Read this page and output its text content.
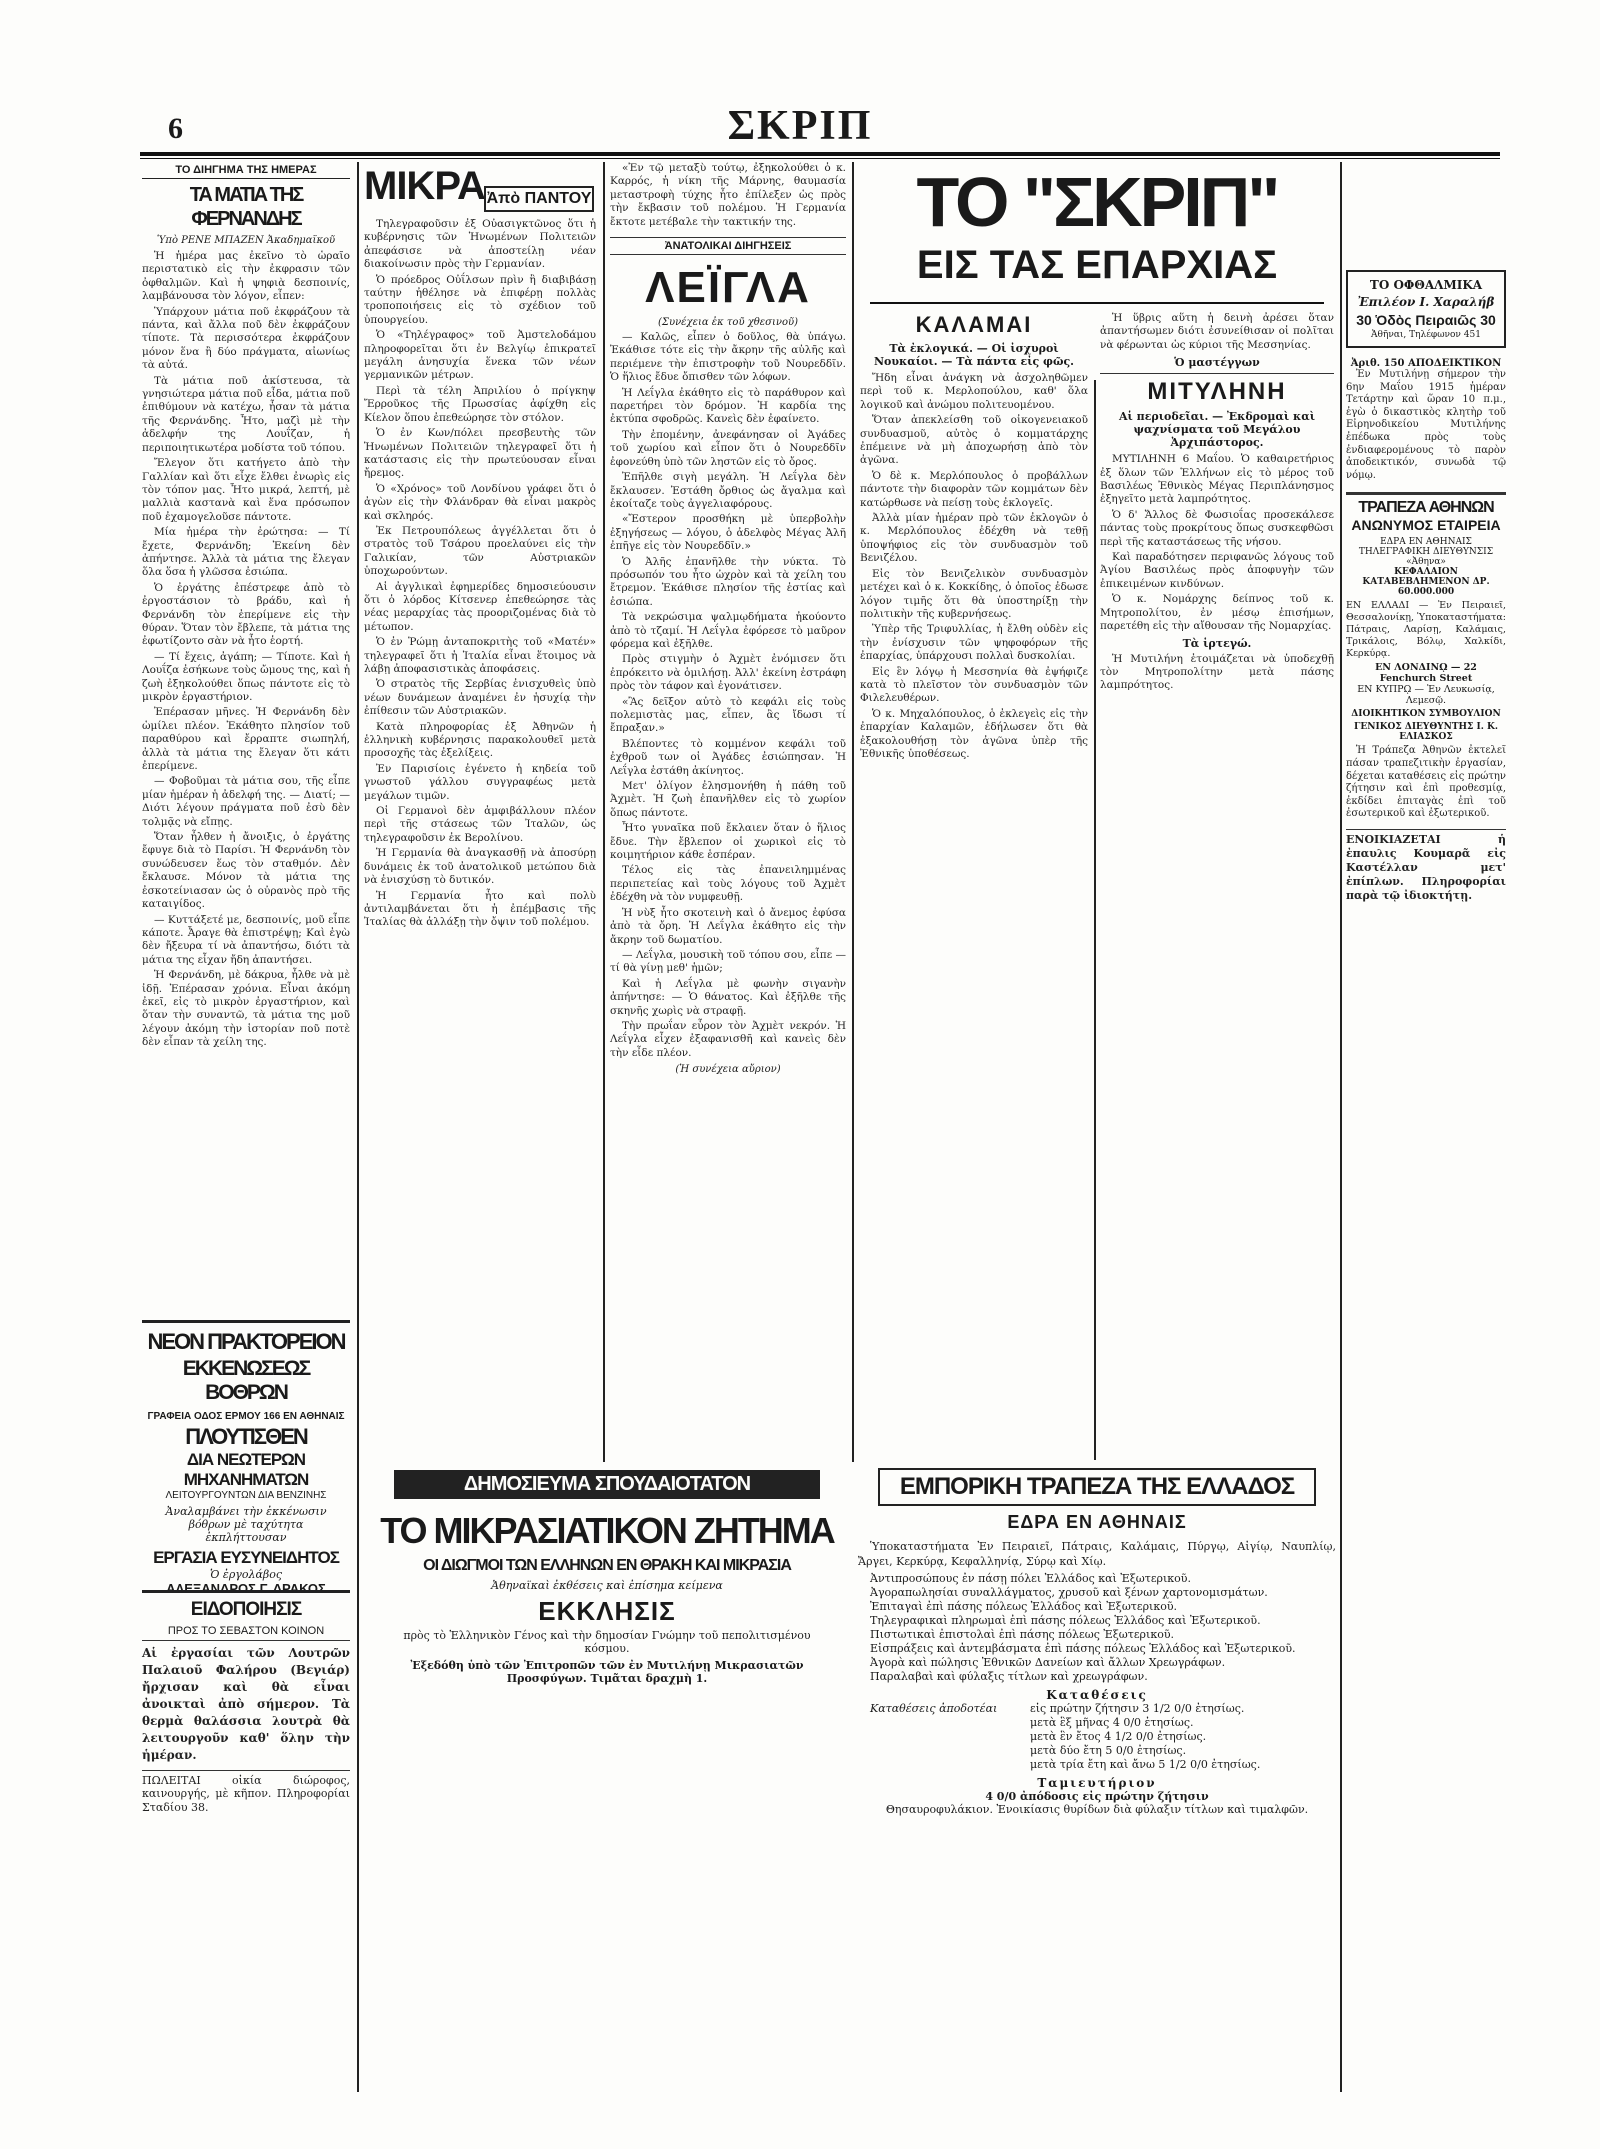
6	ΣΚΡΙΠ
ΤΟ ΔΙΗΓΗΜΑ ΤΗΣ ΗΜΕΡΑΣ
ΤΑ ΜΑΤΙΑ ΤΗΣ ΦΕΡΝΑΝΔΗΣ
Ὑπὸ ΡΕΝΕ ΜΠΑΖΕΝ Ἀκαδημαϊκοῦ

Ἡ ἡμέρα μας ἐκεῖνο τὸ ὡραῖο περιστατικὸ εἰς τὴν ἐκφρασιν τῶν ὀφθαλμῶν. Καὶ ἡ ψηφιὰ δεσποινίς, λαμβάνουσα τὸν λόγον, εἶπεν:

Ὑπάρχουν μάτια ποῦ ἐκφράζουν τὰ πάντα, καὶ ἄλλα ποῦ δὲν ἐκφράζουν τίποτε. Τὰ περισσότερα ἐκφράζουν μόνον ἕνα ἢ δύο πράγματα, αἰωνίως τὰ αὐτά.

Τὰ μάτια ποῦ ἀκίστευσα, τὰ γνησιώτερα μάτια ποῦ εἶδα, μάτια ποῦ ἐπιθύμουν νὰ κατέχω, ἦσαν τὰ μάτια τῆς Φερνάνδης. Ἦτο, μαζὶ μὲ τὴν ἀδελφήν της Λουΐζαν, ἡ περιποιητικωτέρα μοδίστα τοῦ τόπου.

Ἔλεγον ὅτι κατήγετο ἀπὸ τὴν Γαλλίαν καὶ ὅτι εἶχε ἔλθει ἐνωρὶς εἰς τὸν τόπον μας. Ἦτο μικρά, λεπτή, μὲ μαλλιὰ καστανὰ καὶ ἕνα πρόσωπον ποῦ ἐχαμογελοῦσε πάντοτε.

Μία ἡμέρα τὴν ἐρώτησα: — Τί ἔχετε, Φερνάνδη; Ἐκείνη δὲν ἀπήντησε. Ἀλλὰ τὰ μάτια της ἔλεγαν ὅλα ὅσα ἡ γλῶσσα ἐσιώπα.

Ὁ ἐργάτης ἐπέστρεφε ἀπὸ τὸ ἐργοστάσιον τὸ βράδυ, καὶ ἡ Φερνάνδη τὸν ἐπερίμενε εἰς τὴν θύραν. Ὅταν τὸν ἔβλεπε, τὰ μάτια της ἐφωτίζοντο σὰν νὰ ἦτο ἑορτή.

— Τί ἔχεις, ἀγάπη; — Τίποτε. Καὶ ἡ Λουΐζα ἐσήκωνε τοὺς ὤμους της, καὶ ἡ ζωὴ ἐξηκολούθει ὅπως πάντοτε εἰς τὸ μικρὸν ἐργαστήριον.

Ἐπέρασαν μῆνες. Ἡ Φερνάνδη δὲν ὡμίλει πλέον. Ἐκάθητο πλησίον τοῦ παραθύρου καὶ ἔρραπτε σιωπηλή, ἀλλὰ τὰ μάτια της ἔλεγαν ὅτι κάτι ἐπερίμενε.

— Φοβοῦμαι τὰ μάτια σου, τῆς εἶπε μίαν ἡμέραν ἡ ἀδελφή της. — Διατί; — Διότι λέγουν πράγματα ποῦ ἐσὺ δὲν τολμᾷς νὰ εἴπῃς.

Ὅταν ἦλθεν ἡ ἄνοιξις, ὁ ἐργάτης ἔφυγε διὰ τὸ Παρίσι. Ἡ Φερνάνδη τὸν συνώδευσεν ἕως τὸν σταθμόν. Δὲν ἔκλαυσε. Μόνον τὰ μάτια της ἐσκοτείνιασαν ὡς ὁ οὐρανὸς πρὸ τῆς καταιγίδος.

— Κυττάξετέ με, δεσποινίς, μοῦ εἶπε κάποτε. Ἆραγε θὰ ἐπιστρέψῃ; Καὶ ἐγὼ δὲν ἤξευρα τί νὰ ἀπαντήσω, διότι τὰ μάτια της εἶχαν ἤδη ἀπαντήσει.

Ἡ Φερνάνδη, μὲ δάκρυα, ἦλθε νὰ μὲ ἰδῇ. Ἐπέρασαν χρόνια. Εἶναι ἀκόμη ἐκεῖ, εἰς τὸ μικρὸν ἐργαστήριον, καὶ ὅταν τὴν συναντῶ, τὰ μάτια της μοῦ λέγουν ἀκόμη τὴν ἱστορίαν ποῦ ποτὲ δὲν εἶπαν τὰ χείλη της.

ΝΕΟΝ ΠΡΑΚΤΟΡΕΙΟΝ
ΕΚΚΕΝΩΣΕΩΣ ΒΟΘΡΩΝ
ΓΡΑΦΕΙΑ ΟΔΟΣ ΕΡΜΟΥ 166 ΕΝ ΑΘΗΝΑΙΣ
ΠΛΟΥΤΙΣΘΕΝ
ΔΙΑ ΝΕΩΤΕΡΩΝ ΜΗΧΑΝΗΜΑΤΩΝ
ΛΕΙΤΟΥΡΓΟΥΝΤΩΝ ΔΙΑ ΒΕΝΖΙΝΗΣ
Ἀναλαμβάνει τὴν ἐκκένωσιν βόθρων μὲ ταχύτητα ἐκπλήττουσαν
ΕΡΓΑΣΙΑ ΕΥΣΥΝΕΙΔΗΤΟΣ
Ὁ ἐργολάβος
ΑΛΕΞΑΝΔΡΟΣ Γ. ΔΡΑΚΟΣ
ΕΙΔΟΠΟΙΗΣΙΣ
ΠΡΟΣ ΤΟ ΣΕΒΑΣΤΟΝ ΚΟΙΝΟΝ
Αἱ ἐργασίαι τῶν Λουτρῶν Παλαιοῦ Φαλήρου (Βεγιάρ) ἤρχισαν καὶ θὰ εἶναι ἀνοικταὶ ἀπὸ σήμερον. Τὰ θερμὰ θαλάσσια λουτρὰ θὰ λειτουργοῦν καθ' ὅλην τὴν ἡμέραν.
ΠΩΛΕΙΤΑΙ οἰκία διώροφος, καινουργής, μὲ κῆπον. Πληροφορίαι Σταδίου 38.
ΜΙΚΡΑ Ἀπὸ ΠΑΝΤΟΥ

Τηλεγραφοῦσιν ἐξ Οὐασιγκτῶνος ὅτι ἡ κυβέρνησις τῶν Ἡνωμένων Πολιτειῶν ἀπεφάσισε νὰ ἀποστείλῃ νέαν διακοίνωσιν πρὸς τὴν Γερμανίαν.

Ὁ πρόεδρος Οὐΐλσων πρὶν ἢ διαβιβάσῃ ταύτην ἠθέλησε νὰ ἐπιφέρῃ πολλὰς τροποποιήσεις εἰς τὸ σχέδιον τοῦ ὑπουργείου.

Ὁ «Τηλέγραφος» τοῦ Ἀμστελοδάμου πληροφορεῖται ὅτι ἐν Βελγίῳ ἐπικρατεῖ μεγάλη ἀνησυχία ἕνεκα τῶν νέων γερμανικῶν μέτρων.

Περὶ τὰ τέλη Ἀπριλίου ὁ πρίγκηψ Ἔρροῦκος τῆς Πρωσσίας ἀφίχθη εἰς Κίελον ὅπου ἐπεθεώρησε τὸν στόλον.

Ὁ ἐν Κων/πόλει πρεσβευτὴς τῶν Ἡνωμένων Πολιτειῶν τηλεγραφεῖ ὅτι ἡ κατάστασις εἰς τὴν πρωτεύουσαν εἶναι ἤρεμος.

Ὁ «Χρόνος» τοῦ Λονδίνου γράφει ὅτι ὁ ἀγὼν εἰς τὴν Φλάνδραν θὰ εἶναι μακρὸς καὶ σκληρός.

Ἐκ Πετρουπόλεως ἀγγέλλεται ὅτι ὁ στρατὸς τοῦ Τσάρου προελαύνει εἰς τὴν Γαλικίαν, τῶν Αὐστριακῶν ὑποχωρούντων.

Αἱ ἀγγλικαὶ ἐφημερίδες δημοσιεύουσιν ὅτι ὁ λόρδος Κίτσενερ ἐπεθεώρησε τὰς νέας μεραρχίας τὰς προοριζομένας διὰ τὸ μέτωπον.

Ὁ ἐν Ῥώμῃ ἀνταποκριτὴς τοῦ «Ματέν» τηλεγραφεῖ ὅτι ἡ Ἰταλία εἶναι ἕτοιμος νὰ λάβῃ ἀποφασιστικὰς ἀποφάσεις.

Ὁ στρατὸς τῆς Σερβίας ἐνισχυθεὶς ὑπὸ νέων δυνάμεων ἀναμένει ἐν ἡσυχίᾳ τὴν ἐπίθεσιν τῶν Αὐστριακῶν.

Κατὰ πληροφορίας ἐξ Ἀθηνῶν ἡ ἑλληνικὴ κυβέρνησις παρακολουθεῖ μετὰ προσοχῆς τὰς ἐξελίξεις.

Ἐν Παρισίοις ἐγένετο ἡ κηδεία τοῦ γνωστοῦ γάλλου συγγραφέως μετὰ μεγάλων τιμῶν.

Οἱ Γερμανοὶ δὲν ἀμφιβάλλουν πλέον περὶ τῆς στάσεως τῶν Ἰταλῶν, ὡς τηλεγραφοῦσιν ἐκ Βερολίνου.

Ἡ Γερμανία θὰ ἀναγκασθῇ νὰ ἀποσύρῃ δυνάμεις ἐκ τοῦ ἀνατολικοῦ μετώπου διὰ νὰ ἐνισχύσῃ τὸ δυτικόν.

Ἡ Γερμανία ἦτο καὶ πολὺ ἀντιλαμβάνεται ὅτι ἡ ἐπέμβασις τῆς Ἰταλίας θὰ ἀλλάξῃ τὴν ὄψιν τοῦ πολέμου.

«Ἐν τῷ μεταξὺ τούτῳ, ἐξηκολούθει ὁ κ. Καρρός, ἡ νίκη τῆς Μάρνης, θαυμασία μεταστροφὴ τύχης ἦτο ἐπίλεξεν ὡς πρὸς τὴν ἔκβασιν τοῦ πολέμου. Ἡ Γερμανία ἔκτοτε μετέβαλε τὴν τακτικήν της.
ἈΝΑΤΟΛΙΚΑΙ ΔΙΗΓΗΣΕΙΣ
ΛΕΪΓΛΑ
(Συνέχεια ἐκ τοῦ χθεσινοῦ)

— Καλῶς, εἶπεν ὁ δοῦλος, θὰ ὑπάγω. Ἐκάθισε τότε εἰς τὴν ἄκρην τῆς αὐλῆς καὶ περιέμενε τὴν ἐπιστροφὴν τοῦ Νουρεδδῖν. Ὁ ἥλιος ἔδυε ὄπισθεν τῶν λόφων.

Ἡ Λεΐγλα ἐκάθητο εἰς τὸ παράθυρον καὶ παρετήρει τὸν δρόμον. Ἡ καρδία της ἐκτύπα σφοδρῶς. Κανεὶς δὲν ἐφαίνετο.

Τὴν ἐπομένην, ἀνεφάνησαν οἱ Ἀγάδες τοῦ χωρίου καὶ εἶπον ὅτι ὁ Νουρεδδῖν ἐφονεύθη ὑπὸ τῶν ληστῶν εἰς τὸ ὄρος.

Ἐπῆλθε σιγὴ μεγάλη. Ἡ Λεΐγλα δὲν ἔκλαυσεν. Ἐστάθη ὄρθιος ὡς ἄγαλμα καὶ ἐκοίταζε τοὺς ἀγγελιαφόρους.

«Ἔστερον προσθήκη μὲ ὑπερβολὴν ἐξηγήσεως — λόγου, ὁ ἀδελφὸς Μέγας Ἀλῆ ἐπῆγε εἰς τὸν Νουρεδδῖν.»

Ὁ Ἀλῆς ἐπανῆλθε τὴν νύκτα. Τὸ πρόσωπόν του ἦτο ὠχρὸν καὶ τὰ χείλη του ἔτρεμον. Ἐκάθισε πλησίον τῆς ἑστίας καὶ ἐσιώπα.

Τὰ νεκρώσιμα ψαλμῳδήματα ἠκούοντο ἀπὸ τὸ τζαμί. Ἡ Λεΐγλα ἐφόρεσε τὸ μαῦρον φόρεμα καὶ ἐξῆλθε.

Πρὸς στιγμὴν ὁ Ἀχμὲτ ἐνόμισεν ὅτι ἐπρόκειτο νὰ ὁμιλήσῃ. Ἀλλ' ἐκείνη ἐστράφη πρὸς τὸν τάφον καὶ ἐγονάτισεν.

«Ἂς δεῖξον αὐτὸ τὸ κεφάλι εἰς τοὺς πολεμιστὰς μας, εἶπεν, ἂς ἴδωσι τί ἔπραξαν.»

Βλέποντες τὸ κομμένον κεφάλι τοῦ ἐχθροῦ των οἱ Ἀγάδες ἐσιώπησαν. Ἡ Λεΐγλα ἐστάθη ἀκίνητος.

Μετ' ὀλίγον ἐλησμονήθη ἡ πάθη τοῦ Ἀχμὲτ. Ἡ ζωὴ ἐπανῆλθεν εἰς τὸ χωρίον ὅπως πάντοτε.

Ἦτο γυναῖκα ποῦ ἔκλαιεν ὅταν ὁ ἥλιος ἔδυε. Τὴν ἔβλεπον οἱ χωρικοὶ εἰς τὸ κοιμητήριον κάθε ἑσπέραν.

Τέλος εἰς τὰς ἐπανειλημμένας περιπετείας καὶ τοὺς λόγους τοῦ Ἀχμὲτ ἐδέχθη νὰ τὸν νυμφευθῇ.

Ἡ νὺξ ἦτο σκοτεινὴ καὶ ὁ ἄνεμος ἐφύσα ἀπὸ τὰ ὄρη. Ἡ Λεΐγλα ἐκάθητο εἰς τὴν ἄκρην τοῦ δωματίου.

— Λεΐγλα, μουσικὴ τοῦ τόπου σου, εἶπε — τί θὰ γίνῃ μεθ' ἡμῶν;

Καὶ ἡ Λεΐγλα μὲ φωνὴν σιγανὴν ἀπήντησε: — Ὁ θάνατος. Καὶ ἐξῆλθε τῆς σκηνῆς χωρὶς νὰ στραφῇ.

Τὴν πρωΐαν εὗρον τὸν Ἀχμὲτ νεκρόν. Ἡ Λεΐγλα εἶχεν ἐξαφανισθῆ καὶ κανεὶς δὲν τὴν εἶδε πλέον.

(Ἡ συνέχεια αὔριον)
ΤΟ "ΣΚΡΙΠ"
ΕΙΣ ΤΑΣ ΕΠΑΡΧΙΑΣ
ΚΑΛΑΜΑΙ
Τὰ ἐκλογικά. — Οἱ ἰσχυροὶ Νουκαίοι. — Τὰ πάντα εἰς φῶς.

Ἤδη εἶναι ἀνάγκη νὰ ἀσχοληθῶμεν περὶ τοῦ κ. Μερλοπούλου, καθ' ὅλα λογικοῦ καὶ ἀνώμου πολιτευομένου.

Ὅταν ἀπεκλείσθη τοῦ οἰκογενειακοῦ συνδυασμοῦ, αὐτὸς ὁ κομματάρχης ἐπέμεινε νὰ μὴ ἀποχωρήσῃ ἀπὸ τὸν ἀγῶνα.

Ὁ δὲ κ. Μερλόπουλος ὁ προβάλλων πάντοτε τὴν διαφορὰν τῶν κομμάτων δὲν κατώρθωσε νὰ πείσῃ τοὺς ἐκλογεῖς.

Ἀλλὰ μίαν ἡμέραν πρὸ τῶν ἐκλογῶν ὁ κ. Μερλόπουλος ἐδέχθη νὰ τεθῇ ὑποψήφιος εἰς τὸν συνδυασμὸν τοῦ Βενιζέλου.

Εἰς τὸν Βενιζελικὸν συνδυασμὸν μετέχει καὶ ὁ κ. Κοκκίδης, ὁ ὁποῖος ἐδωσε λόγον τιμῆς ὅτι θὰ ὑποστηρίξῃ τὴν πολιτικὴν τῆς κυβερνήσεως.

Ὑπὲρ τῆς Τριφυλλίας, ἡ ἔλθη οὐδὲν εἰς τὴν ἐνίσχυσιν τῶν ψηφοφόρων τῆς ἐπαρχίας, ὑπάρχουσι πολλαὶ δυσκολίαι.

Εἰς ἓν λόγῳ ἡ Μεσσηνία θὰ ἐψήφιζε κατὰ τὸ πλεῖστον τὸν συνδυασμὸν τῶν Φιλελευθέρων.

Ὁ κ. Μηχαλόπουλος, ὁ ἐκλεγεὶς εἰς τὴν ἐπαρχίαν Καλαμῶν, ἐδήλωσεν ὅτι θὰ ἐξακολουθήσῃ τὸν ἀγῶνα ὑπὲρ τῆς Ἐθνικῆς ὑποθέσεως.

Ἡ ὕβρις αὕτη ἡ δεινὴ ἀρέσει ὅταν ἀπαντήσωμεν διότι ἐσυνείθισαν οἱ πολῖται νὰ φέρωνται ὡς κύριοι τῆς Μεσσηνίας.
Ὁ μαστέγγων
ΜΙΤΥΛΗΝΗ
Αἱ περιοδεῖαι. — Ἐκδρομαὶ καὶ ψαχνίσματα τοῦ Μεγάλου Ἀρχιπάστορος.

ΜΥΤΙΛΗΝΗ 6 Μαΐου. Ὁ καθαιρετήριος ἐξ ὅλων τῶν Ἑλλήνων εἰς τὸ μέρος τοῦ Βασιλέως Ἐθνικὸς Μέγας Περιπλάνησμος ἐξηγεῖτο μετὰ λαμπρότητος.

Ὁ δ' Ἄλλος δὲ Φωσιοΐας προσεκάλεσε πάντας τοὺς προκρίτους ὅπως συσκεφθῶσι περὶ τῆς καταστάσεως τῆς νήσου.

Καὶ παραδότησεν περιφανῶς λόγους τοῦ Ἀγίου Βασιλέως πρὸς ἀποφυγὴν τῶν ἐπικειμένων κινδύνων.

Ὁ κ. Νομάρχης δείπνος τοῦ κ. Μητροπολίτου, ἐν μέσῳ ἐπισήμων, παρετέθη εἰς τὴν αἴθουσαν τῆς Νομαρχίας.

Τὰ ἱρτεγώ.
Ἡ Μυτιλήνη ἐτοιμάζεται νὰ ὑποδεχθῇ τὸν Μητροπολίτην μετὰ πάσης λαμπρότητος.
ΤΟ ΟΦΘΑΛΜΙΚΑ
Ἐπιλέον Ι. Χαραλήβ
30 Ὁδὸς Πειραιῶς 30
Ἀθῆναι, Τηλέφωνον 451
Ἀριθ. 150 ΑΠΟΔΕΙΚΤΙΚΟΝ
Ἐν Μυτιλήνῃ σήμερον τὴν 6ην Μαΐου 1915 ἡμέραν Τετάρτην καὶ ὥραν 10 π.μ., ἐγὼ ὁ δικαστικὸς κλητὴρ τοῦ Εἰρηνοδικείου Μυτιλήνης ἐπέδωκα πρὸς τοὺς ἐνδιαφερομένους τὸ παρὸν ἀποδεικτικόν, συνωδὰ τῷ νόμῳ.
ΤΡΑΠΕΖΑ ΑΘΗΝΩΝ
ΑΝΩΝΥΜΟΣ ΕΤΑΙΡΕΙΑ
ΕΔΡΑ ΕΝ ΑΘΗΝΑΙΣ
ΤΗΛΕΓΡΑΦΙΚΗ ΔΙΕΥΘΥΝΣΙΣ «Ἀθηνα»
ΚΕΦΑΛΑΙΟΝ ΚΑΤΑΒΕΒΛΗΜΕΝΟΝ ΔΡ. 60.000.000
ΕΝ ΕΛΛΑΔΙ — Ἐν Πειραιεῖ, Θεσσαλονίκῃ, Ὑποκαταστήματα: Πάτραις, Λαρίσῃ, Καλάμαις, Τρικάλοις, Βόλῳ, Χαλκίδι, Κερκύρᾳ.
ΕΝ ΛΟΝΔΙΝῼ — 22 Fenchurch Street
ΕΝ ΚΥΠΡῼ — Ἐν Λευκωσίᾳ, Λεμεσῷ.
ΔΙΟΙΚΗΤΙΚΟΝ ΣΥΜΒΟΥΛΙΟΝ
ΓΕΝΙΚΟΣ ΔΙΕΥΘΥΝΤΗΣ Ι. Κ. ΕΛΙΑΣΚΟΣ
Ἡ Τράπεζα Ἀθηνῶν ἐκτελεῖ πάσαν τραπεζιτικὴν ἐργασίαν, δέχεται καταθέσεις εἰς πρώτην ζήτησιν καὶ ἐπὶ προθεσμίᾳ, ἐκδίδει ἐπιταγὰς ἐπὶ τοῦ ἐσωτερικοῦ καὶ ἐξωτερικοῦ.
ΕΝΟΙΚΙΑΖΕΤΑΙ ἡ ἐπαυλις Κουμαρᾶ εἰς Καστέλλαν μετ' ἐπίπλων. Πληροφορίαι παρὰ τῷ ἰδιοκτήτῃ.
ΕΜΠΟΡΙΚΗ ΤΡΑΠΕΖΑ ΤΗΣ ΕΛΛΑΔΟΣ
ΕΔΡΑ ΕΝ ΑΘΗΝΑΙΣ
Ὑποκαταστήματα Ἐν Πειραιεῖ, Πάτραις, Καλάμαις, Πύργῳ, Αἰγίῳ, Ναυπλίῳ, Ἄργει, Κερκύρᾳ, Κεφαλληνίᾳ, Σύρῳ καὶ Χίῳ.
Ἀντιπροσώπους ἐν πάσῃ πόλει Ἑλλάδος καὶ Ἐξωτερικοῦ.
Ἀγοραπωλησίαι συναλλάγματος, χρυσοῦ καὶ ξένων χαρτονομισμάτων.
Ἐπιταγαὶ ἐπὶ πάσης πόλεως Ἑλλάδος καὶ Ἐξωτερικοῦ.
Τηλεγραφικαὶ πληρωμαὶ ἐπὶ πάσης πόλεως Ἑλλάδος καὶ Ἐξωτερικοῦ.
Πιστωτικαὶ ἐπιστολαὶ ἐπὶ πάσης πόλεως Ἐξωτερικοῦ.
Εἰσπράξεις καὶ ἀντεμβάσματα ἐπὶ πάσης πόλεως Ἑλλάδος καὶ Ἐξωτερικοῦ.
Ἀγορὰ καὶ πώλησις Ἐθνικῶν Δανείων καὶ ἄλλων Χρεωγράφων.
Παραλαβαὶ καὶ φύλαξις τίτλων καὶ χρεωγράφων.
Καταθέσεις
Καταθέσεις ἀποδοτέαι	εἰς πρώτην ζήτησιν 3 1/2 0/0 ἐτησίως.
μετὰ ἓξ μῆνας 4 0/0 ἐτησίως.
μετὰ ἓν ἔτος 4 1/2 0/0 ἐτησίως.
μετὰ δύο ἔτη 5 0/0 ἐτησίως.
μετὰ τρία ἔτη καὶ ἄνω 5 1/2 0/0 ἐτησίως.
Ταμιευτήριον
4 0/0 ἀπόδοσις εἰς πρώτην ζήτησιν
Θησαυροφυλάκιον. Ἐνοικίασις θυρίδων διὰ φύλαξιν τίτλων καὶ τιμαλφῶν.
ΔΗΜΟΣΙΕΥΜΑ ΣΠΟΥΔΑΙΟΤΑΤΟΝ
ΤΟ ΜΙΚΡΑΣΙΑΤΙΚΟΝ ΖΗΤΗΜΑ
ΟΙ ΔΙΩΓΜΟΙ ΤΩΝ ΕΛΛΗΝΩΝ ΕΝ ΘΡΑΚΗ ΚΑΙ ΜΙΚΡΑΣΙΑ
Ἀθηναϊκαὶ ἐκθέσεις καὶ ἐπίσημα κείμενα
ΕΚΚΛΗΣΙΣ
πρὸς τὸ Ἑλληνικὸν Γένος καὶ τὴν δημοσίαν Γνώμην τοῦ πεπολιτισμένου κόσμου.
Ἐξεδόθη ὑπὸ τῶν Ἐπιτροπῶν τῶν ἐν Μυτιλήνῃ Μικρασιατῶν Προσφύγων. Τιμᾶται δραχμὴ 1.
